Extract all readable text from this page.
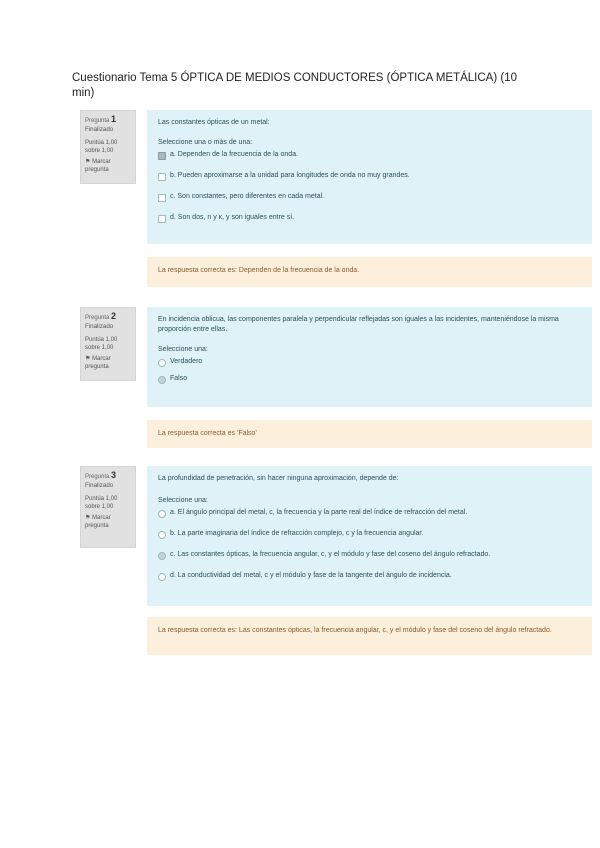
Cuestionario Tema 5 ÓPTICA DE MEDIOS CONDUCTORES (ÓPTICA METÁLICA) (10 min)
Pregunta 1
Finalizado
Puntúa 1,00 sobre 1,00
⚑ Marcar pregunta
Las constantes ópticas de un metal:
Seleccione una o más de una:
a. Dependen de la frecuencia de la onda.
b. Pueden aproximarse a la unidad para longitudes de onda no muy grandes.
c. Son constantes, pero diferentes en cada metal.
d. Son dos, n y κ, y son iguales entre sí.
La respuesta correcta es: Dependen de la frecuencia de la onda.
Pregunta 2
Finalizado
Puntúa 1,00 sobre 1,00
⚑ Marcar pregunta
En incidencia oblicua, las componentes paralela y perpendicular reflejadas son iguales a las incidentes, manteniéndose la misma proporción entre ellas.
Seleccione una:
Verdadero
Falso
La respuesta correcta es 'Falso'
Pregunta 3
Finalizado
Puntúa 1,00 sobre 1,00
⚑ Marcar pregunta
La profundidad de penetración, sin hacer ninguna aproximación, depende de:
Seleccione una:
a. El ángulo principal del metal, c, la frecuencia y la parte real del índice de refracción del metal.
b. La parte imaginaria del índice de refracción complejo, c y la frecuencia angular.
c. Las constantes ópticas, la frecuencia angular, c, y el módulo y fase del coseno del ángulo refractado.
d. La conductividad del metal, c y el módulo y fase de la tangente del ángulo de incidencia.
La respuesta correcta es: Las constantes ópticas, la frecuencia angular, c, y el módulo y fase del coseno del ángulo refractado.
